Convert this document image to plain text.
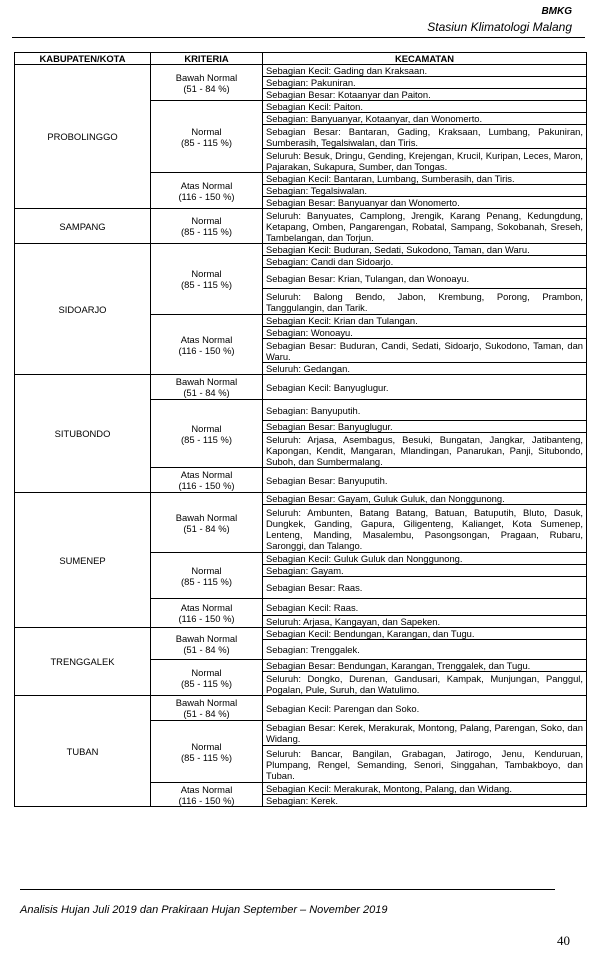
BMKG
Stasiun Klimatologi Malang
KABUPATEN/KOTA	KRITERIA	KECAMATAN
PROBOLINGGO	Bawah Normal
(51 - 84 %)	Sebagian Kecil: Gading dan Kraksaan.
		Sebagian: Pakuniran.
		Sebagian Besar: Kotaanyar dan Paiton.

	Normal
(85 - 115 %)	Sebagian Kecil: Paiton.
		Sebagian: Banyuanyar, Kotaanyar, dan Wonomerto.
		Sebagian Besar: Bantaran, Gading, Kraksaan, Lumbang, Pakuniran, Sumberasih, Tegalsiwalan, dan Tiris.
		Seluruh: Besuk, Dringu, Gending, Krejengan, Krucil, Kuripan, Leces, Maron, Pajarakan, Sukapura, Sumber, dan Tongas.

	Atas Normal
(116 - 150 %)	Sebagian Kecil: Bantaran, Lumbang, Sumberasih, dan Tiris.
		Sebagian: Tegalsiwalan.
		Sebagian Besar: Banyuanyar dan Wonomerto.
SAMPANG	Normal
(85 - 115 %)	Seluruh: Banyuates, Camplong, Jrengik, Karang Penang, Kedungdung, Ketapang, Omben, Pangarengan, Robatal, Sampang, Sokobanah, Sreseh, Tambelangan, dan Torjun.
SIDOARJO	Normal
(85 - 115 %)	Sebagian Kecil: Buduran, Sedati, Sukodono, Taman, dan Waru.
		Sebagian: Candi dan Sidoarjo.
		Sebagian Besar: Krian, Tulangan, dan Wonoayu.
		Seluruh: Balong Bendo, Jabon, Krembung, Porong, Prambon, Tanggulangin, dan Tarik.

	Atas Normal
(116 - 150 %)	Sebagian Kecil: Krian dan Tulangan.
		Sebagian: Wonoayu.
		Sebagian Besar: Buduran, Candi, Sedati, Sidoarjo, Sukodono, Taman, dan Waru.
		Seluruh: Gedangan.
SITUBONDO	Bawah Normal
(51 - 84 %)	Sebagian Kecil: Banyuglugur.

	Normal
(85 - 115 %)	Sebagian: Banyuputih.
		Sebagian Besar: Banyuglugur.
		Seluruh: Arjasa, Asembagus, Besuki, Bungatan, Jangkar, Jatibanteng, Kapongan, Kendit, Mangaran, Mlandingan, Panarukan, Panji, Situbondo, Suboh, dan Sumbermalang.

	Atas Normal
(116 - 150 %)	Sebagian Besar: Banyuputih.
SUMENEP	Bawah Normal
(51 - 84 %)	Sebagian Besar: Gayam, Guluk Guluk, dan Nonggunong.
		Seluruh: Ambunten, Batang Batang, Batuan, Batuputih, Bluto, Dasuk, Dungkek, Ganding, Gapura, Giligenteng, Kalianget, Kota Sumenep, Lenteng, Manding, Masalembu, Pasongsongan, Pragaan, Rubaru, Saronggi, dan Talango.

	Normal
(85 - 115 %)	Sebagian Kecil: Guluk Guluk dan Nonggunong.
		Sebagian: Gayam.
		Sebagian Besar: Raas.

	Atas Normal
(116 - 150 %)	Sebagian Kecil: Raas.
		Seluruh: Arjasa, Kangayan, dan Sapeken.
TRENGGALEK	Bawah Normal
(51 - 84 %)	Sebagian Kecil: Bendungan, Karangan, dan Tugu.
		Sebagian: Trenggalek.

	Normal
(85 - 115 %)	Sebagian Besar: Bendungan, Karangan, Trenggalek, dan Tugu.
		Seluruh: Dongko, Durenan, Gandusari, Kampak, Munjungan, Panggul, Pogalan, Pule, Suruh, dan Watulimo.
TUBAN	Bawah Normal
(51 - 84 %)	Sebagian Kecil: Parengan dan Soko.

	Normal
(85 - 115 %)	Sebagian Besar: Kerek, Merakurak, Montong, Palang, Parengan, Soko, dan Widang.
		Seluruh: Bancar, Bangilan, Grabagan, Jatirogo, Jenu, Kenduruan, Plumpang, Rengel, Semanding, Senori, Singgahan, Tambakboyo, dan Tuban.

	Atas Normal
(116 - 150 %)	Sebagian Kecil: Merakurak, Montong, Palang, dan Widang.
		Sebagian: Kerek.
Analisis Hujan Juli 2019 dan Prakiraan Hujan September – November 2019
40
